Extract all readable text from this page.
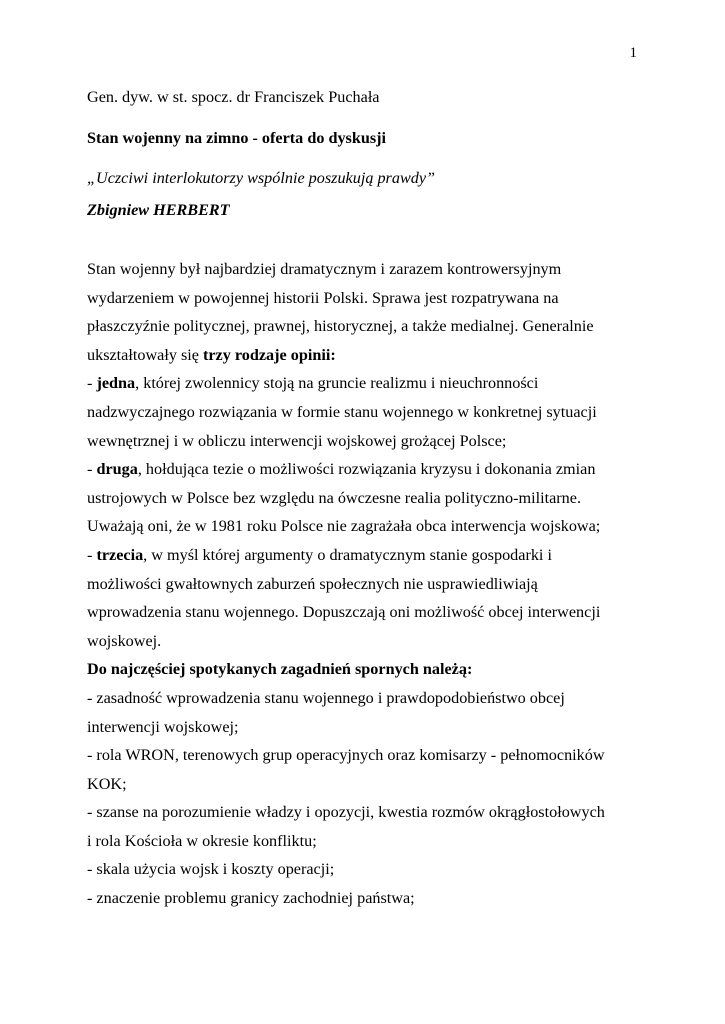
1
Gen. dyw. w st. spocz. dr Franciszek Puchała
Stan wojenny na zimno - oferta do dyskusji
„Uczciwi interlokutorzy wspólnie poszukują prawdy”
Zbigniew HERBERT
Stan wojenny był najbardziej dramatycznym i zarazem kontrowersyjnym
wydarzeniem w powojennej historii Polski. Sprawa jest rozpatrywana na
płaszczyźnie politycznej, prawnej, historycznej, a także medialnej. Generalnie
ukształtowały się trzy rodzaje opinii:
- jedna, której zwolennicy stoją na gruncie realizmu i nieuchronności
nadzwyczajnego rozwiązania w formie stanu wojennego w konkretnej sytuacji
wewnętrznej i w obliczu interwencji wojskowej grożącej Polsce;
- druga, hołdująca tezie o możliwości rozwiązania kryzysu i dokonania zmian
ustrojowych w Polsce bez względu na ówczesne realia polityczno-militarne.
Uważają oni, że w 1981 roku Polsce nie zagrażała obca interwencja wojskowa;
- trzecia, w myśl której argumenty o dramatycznym stanie gospodarki i
możliwości gwałtownych zaburzeń społecznych nie usprawiedliwiają
wprowadzenia stanu wojennego. Dopuszczają oni możliwość obcej interwencji
wojskowej.
Do najczęściej spotykanych zagadnień spornych należą:
- zasadność wprowadzenia stanu wojennego i prawdopodobieństwo obcej
interwencji wojskowej;
- rola WRON, terenowych grup operacyjnych oraz komisarzy - pełnomocników
KOK;
- szanse na porozumienie władzy i opozycji, kwestia rozmów okrągłostołowych
i rola Kościoła w okresie konfliktu;
- skala użycia wojsk i koszty operacji;
- znaczenie problemu granicy zachodniej państwa;
